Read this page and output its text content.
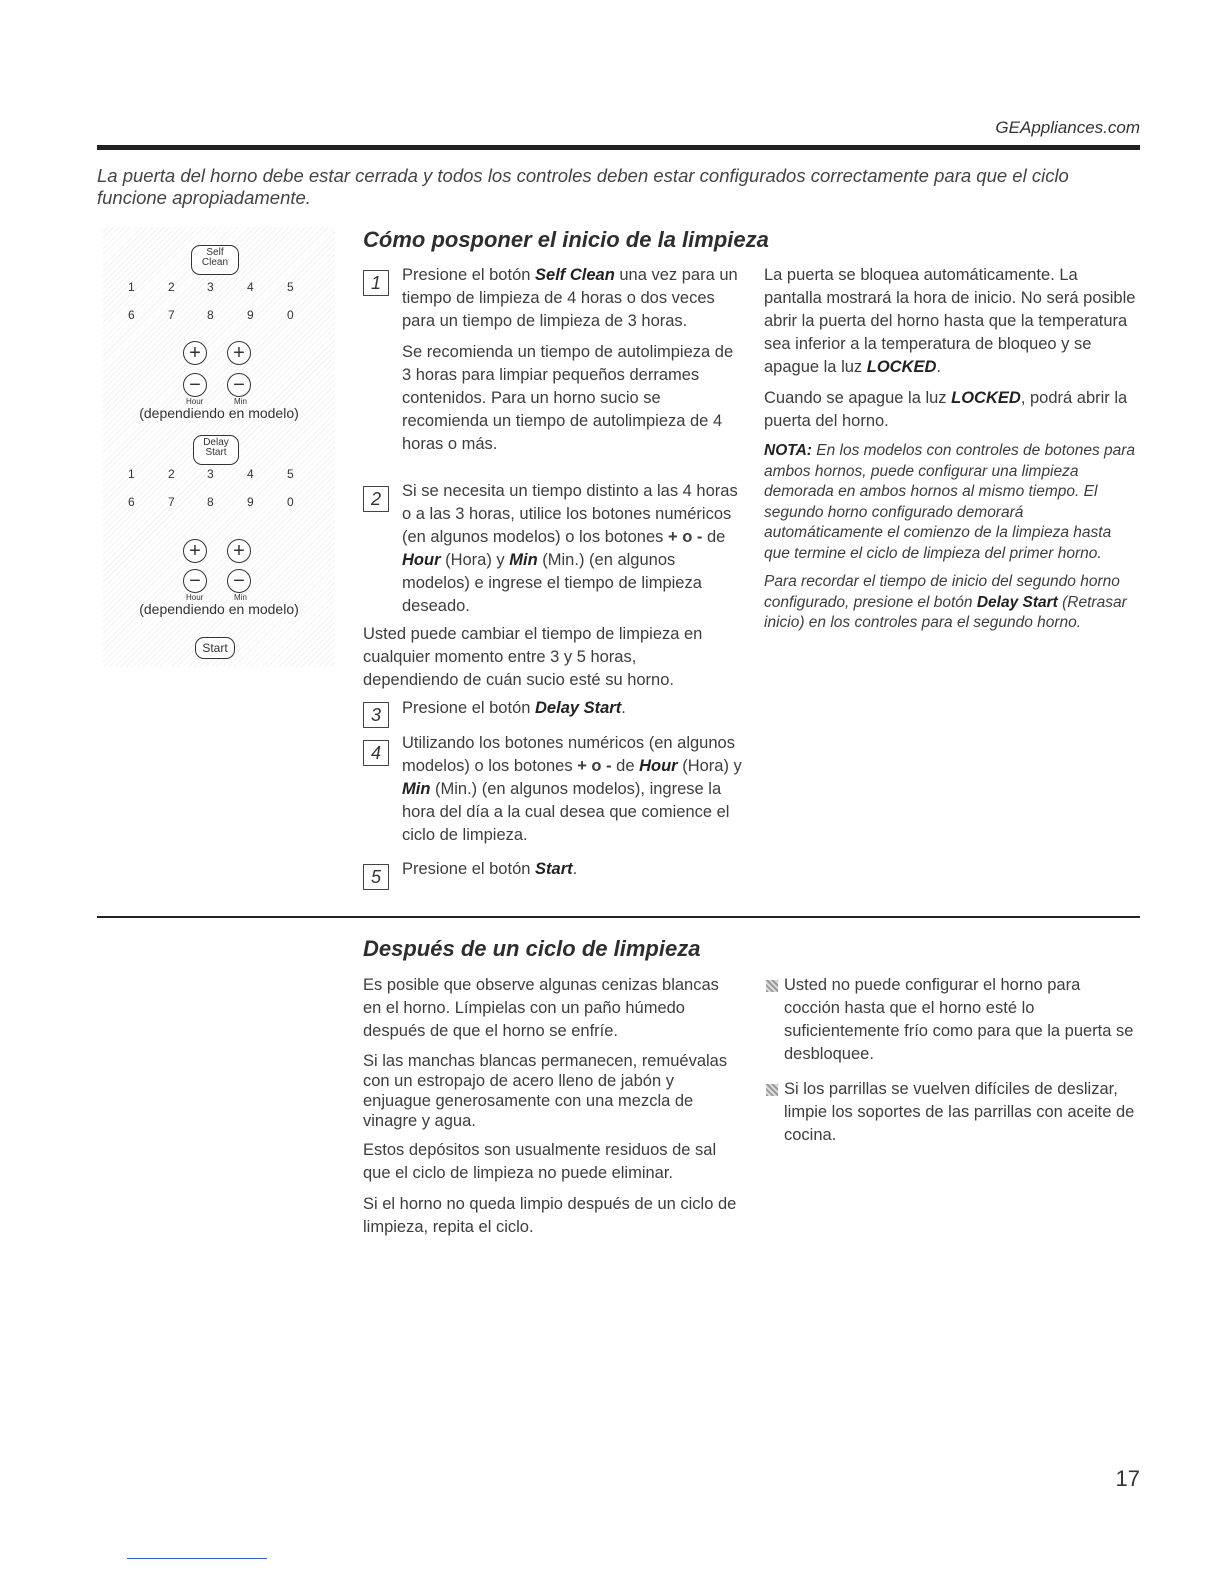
GEAppliances.com
La puerta del horno debe estar cerrada y todos los controles deben estar configurados correctamente para que el ciclo funcione apropiadamente.
Self
Clean
1	2	3	4	5
6	7	8	9	0
+	+
−	−
Hour	Min
(dependiendo en modelo)
Delay
Start
1	2	3	4	5
6	7	8	9	0
+	+
−	−
Hour	Min
(dependiendo en modelo)
Start
Cómo posponer el inicio de la limpieza
1	Presione el botón Self Clean una vez para un tiempo de limpieza de 4 horas o dos veces para un tiempo de limpieza de 3 horas.

Se recomienda un tiempo de autolimpieza de 3 horas para limpiar pequeños derrames contenidos. Para un horno sucio se recomienda un tiempo de autolimpieza de 4 horas o más.

2	Si se necesita un tiempo distinto a las 4 horas o a las 3 horas, utilice los botones numéricos (en algunos modelos) o los botones + o - de Hour (Hora) y Min (Min.) (en algunos modelos) e ingrese el tiempo de limpieza deseado.

Usted puede cambiar el tiempo de limpieza en cualquier momento entre 3 y 5 horas, dependiendo de cuán sucio esté su horno.
3	Presione el botón Delay Start.

4	Utilizando los botones numéricos (en algunos modelos) o los botones + o - de Hour (Hora) y Min (Min.) (en algunos modelos), ingrese la hora del día a la cual desea que comience el ciclo de limpieza.

5	Presione el botón Start.

La puerta se bloquea automáticamente. La pantalla mostrará la hora de inicio. No será posible abrir la puerta del horno hasta que la temperatura sea inferior a la temperatura de bloqueo y se apague la luz LOCKED.

Cuando se apague la luz LOCKED, podrá abrir la puerta del horno.

NOTA: En los modelos con controles de botones para ambos hornos, puede configurar una limpieza demorada en ambos hornos al mismo tiempo. El segundo horno configurado demorará automáticamente el comienzo de la limpieza hasta que termine el ciclo de limpieza del primer horno.

Para recordar el tiempo de inicio del segundo horno configurado, presione el botón Delay Start (Retrasar inicio) en los controles para el segundo horno.

Después de un ciclo de limpieza

Es posible que observe algunas cenizas blancas en el horno. Límpielas con un paño húmedo después de que el horno se enfríe.

Si las manchas blancas permanecen, remuévalas con un estropajo de acero lleno de jabón y enjuague generosamente con una mezcla de vinagre y agua.

Estos depósitos son usualmente residuos de sal que el ciclo de limpieza no puede eliminar.

Si el horno no queda limpio después de un ciclo de limpieza, repita el ciclo.

Usted no puede configurar el horno para cocción hasta que el horno esté lo suficientemente frío como para que la puerta se desbloquee.
Si los parrillas se vuelven difíciles de deslizar, limpie los soportes de las parrillas con aceite de cocina.
17
